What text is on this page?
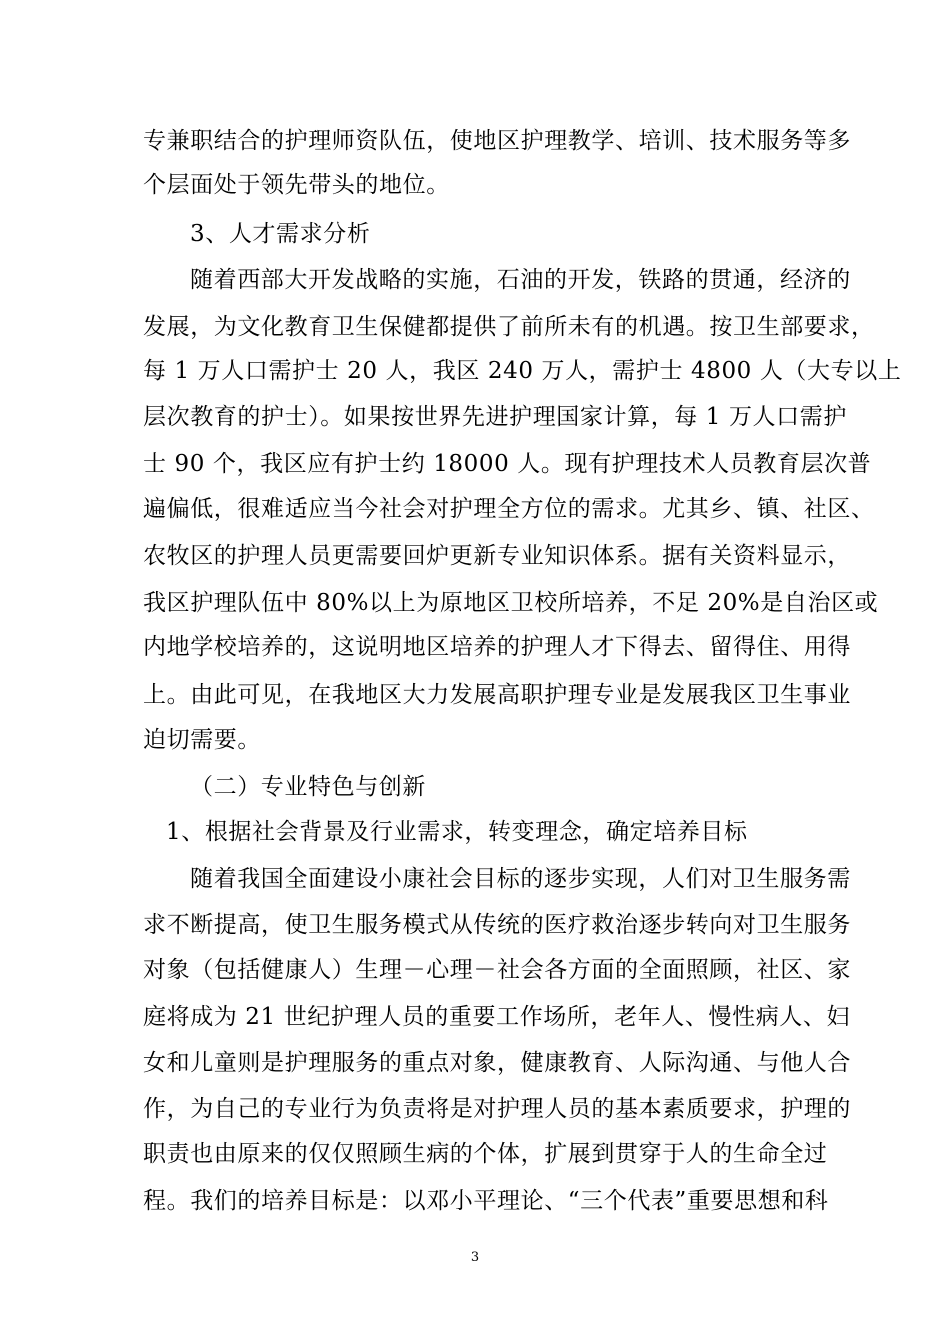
专兼职结合的护理师资队伍，使地区护理教学、培训、技术服务等多
个层面处于领先带头的地位。
3、人才需求分析
随着西部大开发战略的实施，石油的开发，铁路的贯通，经济的
发展，为文化教育卫生保健都提供了前所未有的机遇。按卫生部要求，
每 1 万人口需护士 20 人，我区 240 万人，需护士 4800 人（大专以上
层次教育的护士）。如果按世界先进护理国家计算，每 1 万人口需护
士 90 个，我区应有护士约 18000 人。现有护理技术人员教育层次普
遍偏低，很难适应当今社会对护理全方位的需求。尤其乡、镇、社区、
农牧区的护理人员更需要回炉更新专业知识体系。据有关资料显示，
我区护理队伍中 80%以上为原地区卫校所培养，不足 20%是自治区或
内地学校培养的，这说明地区培养的护理人才下得去、留得住、用得
上。由此可见，在我地区大力发展高职护理专业是发展我区卫生事业
迫切需要。
（二）专业特色与创新
1、根据社会背景及行业需求，转变理念，确定培养目标
随着我国全面建设小康社会目标的逐步实现，人们对卫生服务需
求不断提高，使卫生服务模式从传统的医疗救治逐步转向对卫生服务
对象（包括健康人）生理－心理－社会各方面的全面照顾，社区、家
庭将成为 21 世纪护理人员的重要工作场所，老年人、慢性病人、妇
女和儿童则是护理服务的重点对象，健康教育、人际沟通、与他人合
作，为自己的专业行为负责将是对护理人员的基本素质要求，护理的
职责也由原来的仅仅照顾生病的个体，扩展到贯穿于人的生命全过
程。我们的培养目标是：以邓小平理论、“三个代表”重要思想和科
3
